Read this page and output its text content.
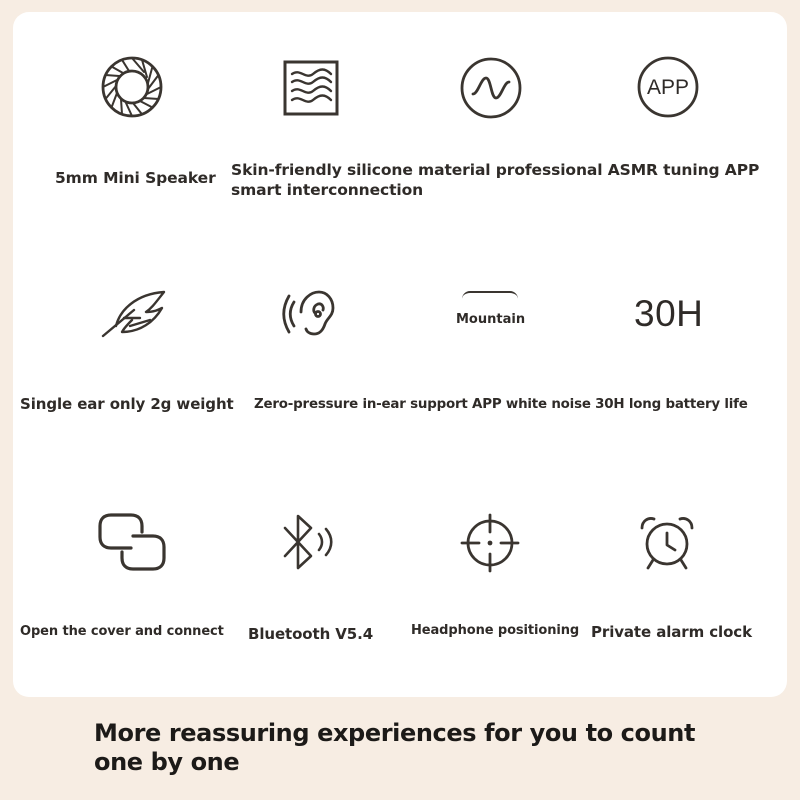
APP
5mm Mini Speaker Skin-friendly silicone material professional ASMR tuning APP smart interconnection
Mountain	30H
Single ear only 2g weight Zero-pressure in-ear support APP white noise 30H long battery life
Open the cover and connect Bluetooth V5.4	Headphone positioning Private alarm clock
More reassuring experiences for you to count one by one
